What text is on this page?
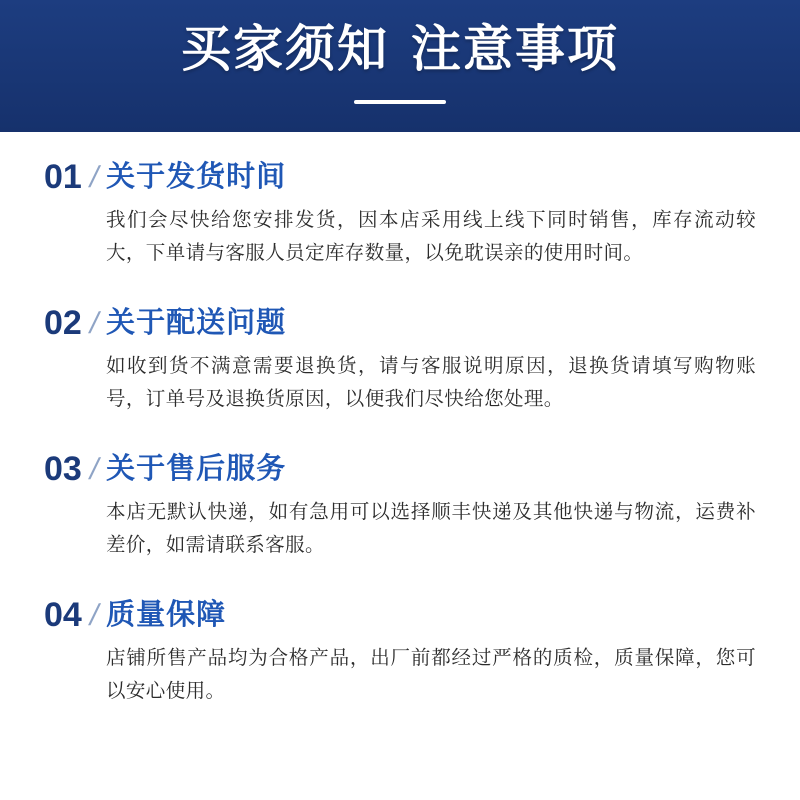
买家须知 注意事项
01 / 关于发货时间
我们会尽快给您安排发货，因本店采用线上线下同时销售，库存流动较大，下单请与客服人员定库存数量，以免耽误亲的使用时间。
02 / 关于配送问题
如收到货不满意需要退换货，请与客服说明原因，退换货请填写购物账号，订单号及退换货原因，以便我们尽快给您处理。
03 / 关于售后服务
本店无默认快递，如有急用可以选择顺丰快递及其他快递与物流，运费补差价，如需请联系客服。
04 / 质量保障
店铺所售产品均为合格产品，出厂前都经过严格的质检，质量保障，您可以安心使用。
